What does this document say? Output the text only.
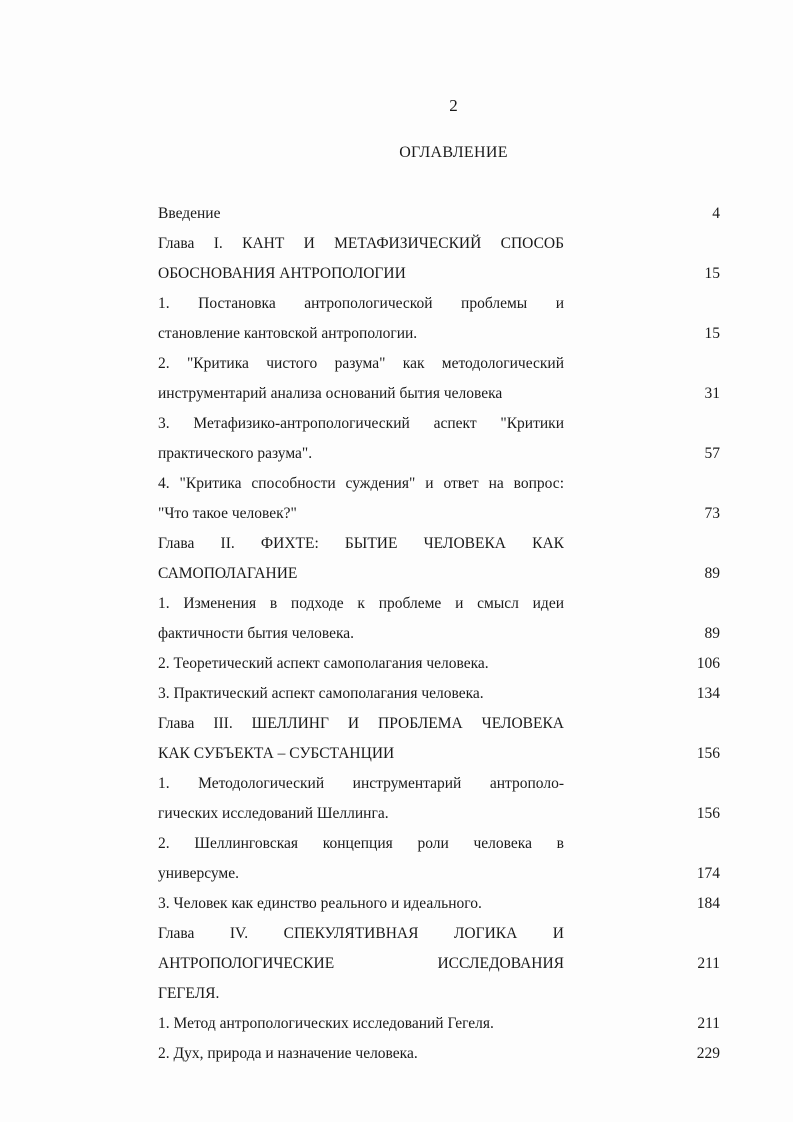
2
ОГЛАВЛЕНИЕ
Введение	4
Глава I. КАНТ И МЕТАФИЗИЧЕСКИЙ СПОСОБ
ОБОСНОВАНИЯ АНТРОПОЛОГИИ	15
1. Постановка антропологической проблемы и
становление кантовской антропологии.	15
2. "Критика чистого разума" как методологический
инструментарий анализа оснований бытия человека	31
3. Метафизико-антропологический аспект "Критики
практического разума".	57
4. "Критика способности суждения" и ответ на вопрос:
"Что такое человек?"	73
Глава II. ФИХТЕ: БЫТИЕ ЧЕЛОВЕКА КАК
САМОПОЛАГАНИЕ	89
1. Изменения в подходе к проблеме и смысл идеи
фактичности бытия человека.	89
2. Теоретический аспект самополагания человека.	106
3. Практический аспект самополагания человека.	134
Глава III. ШЕЛЛИНГ И ПРОБЛЕМА ЧЕЛОВЕКА
КАК СУБЪЕКТА – СУБСТАНЦИИ	156
1. Методологический инструментарий антрополо-
гических исследований Шеллинга.	156
2. Шеллинговская концепция роли человека в
универсуме.	174
3. Человек как единство реального и идеального.	184
Глава IV. СПЕКУЛЯТИВНАЯ ЛОГИКА И
АНТРОПОЛОГИЧЕСКИЕ ИССЛЕДОВАНИЯ	211
ГЕГЕЛЯ.
1. Метод антропологических исследований Гегеля.	211
2. Дух, природа и назначение человека.	229
